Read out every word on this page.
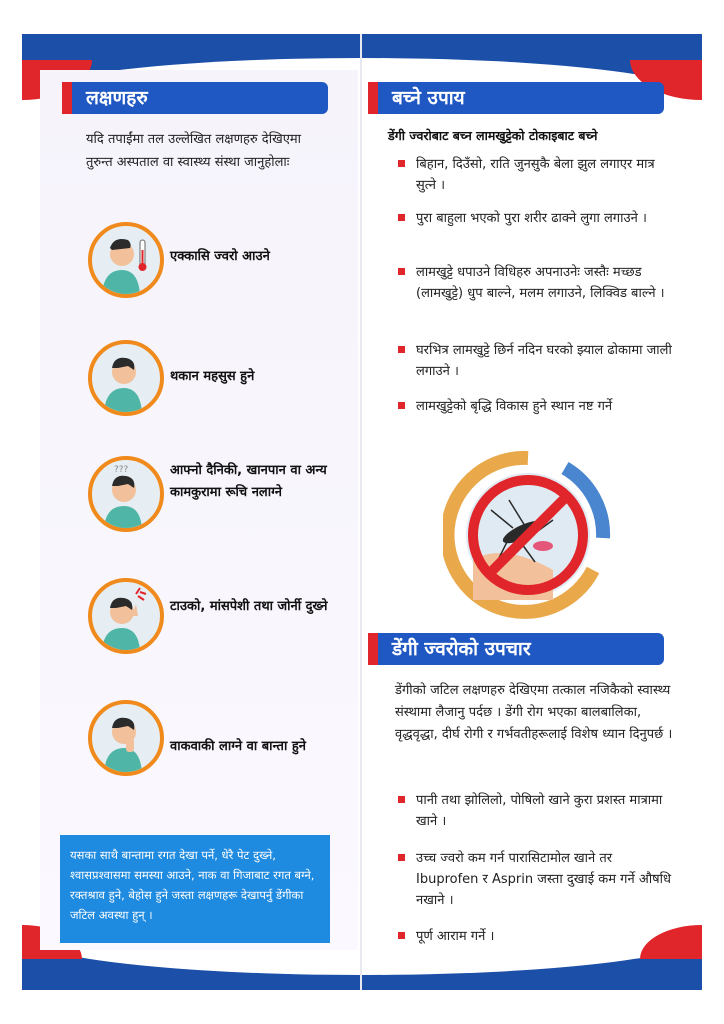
लक्षणहरु
यदि तपाईंमा तल उल्लेखित लक्षणहरु देखिएमा तुरुन्त अस्पताल वा स्वास्थ्य संस्था जानुहोलाः
एक्कासि ज्वरो आउने
थकान महसुस हुने
???	आफ्नो दैनिकी, खानपान वा अन्य कामकुरामा रूचि नलाग्ने
टाउको, मांसपेशी तथा जोर्नी दुख्ने
वाकवाकी लाग्ने वा बान्ता हुने
यसका साथै बान्तामा रगत देखा पर्ने, धेरै पेट दुख्ने, श्वासप्रश्वासमा समस्या आउने, नाक वा गिजाबाट रगत बग्ने, रक्तश्राव हुने, बेहोस हुने जस्ता लक्षणहरू देखापर्नु डेंगीका जटिल अवस्था हुन् ।
बच्ने उपाय
डेंगी ज्वरोबाट बच्न लामखुट्टेको टोकाइबाट बच्ने
बिहान, दिउँसो, राति जुनसुकै बेला झुल लगाएर मात्र सुत्ने ।
पुरा बाहुला भएको पुरा शरीर ढाक्ने लुगा लगाउने ।
लामखुट्टे धपाउने विधिहरु अपनाउनेः जस्तैः मच्छड (लामखुट्टे) धुप बाल्ने, मलम लगाउने, लिक्विड बाल्ने ।
घरभित्र लामखुट्टे छिर्न नदिन घरको झ्याल ढोकामा जाली लगाउने ।
लामखुट्टेको बृद्धि विकास हुने स्थान नष्ट गर्ने
डेंगी ज्वरोको उपचार
डेंगीको जटिल लक्षणहरु देखिएमा तत्काल नजिकैको स्वास्थ्य संस्थामा लैजानु पर्दछ । डेंगी रोग भएका बालबालिका, वृद्धवृद्धा, दीर्घ रोगी र गर्भवतीहरूलाई विशेष ध्यान दिनुपर्छ ।
पानी तथा झोलिलो, पोषिलो खाने कुरा प्रशस्त मात्रामा खाने ।
उच्च ज्वरो कम गर्न पारासिटामोल खाने तर Ibuprofen र Asprin जस्ता दुखाई कम गर्ने औषधि नखाने ।
पूर्ण आराम गर्ने ।
